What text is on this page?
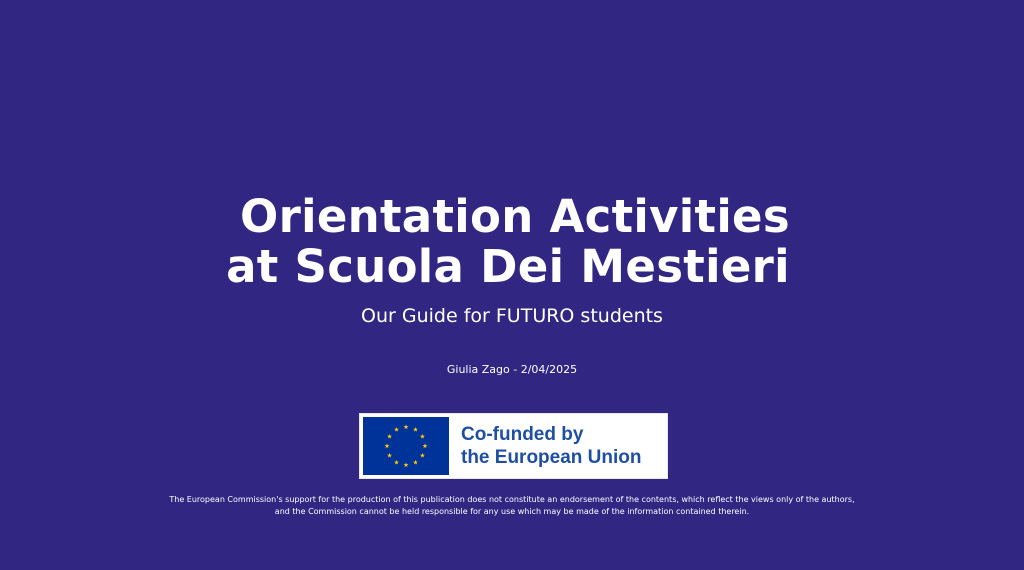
Orientation Activities
at Scuola Dei Mestieri
Our Guide for FUTURO students
Giulia Zago - 2/04/2025
Co-funded by
the European Union
The European Commission's support for the production of this publication does not constitute an endorsement of the contents, which reflect the views only of the authors,
and the Commission cannot be held responsible for any use which may be made of the information contained therein.
